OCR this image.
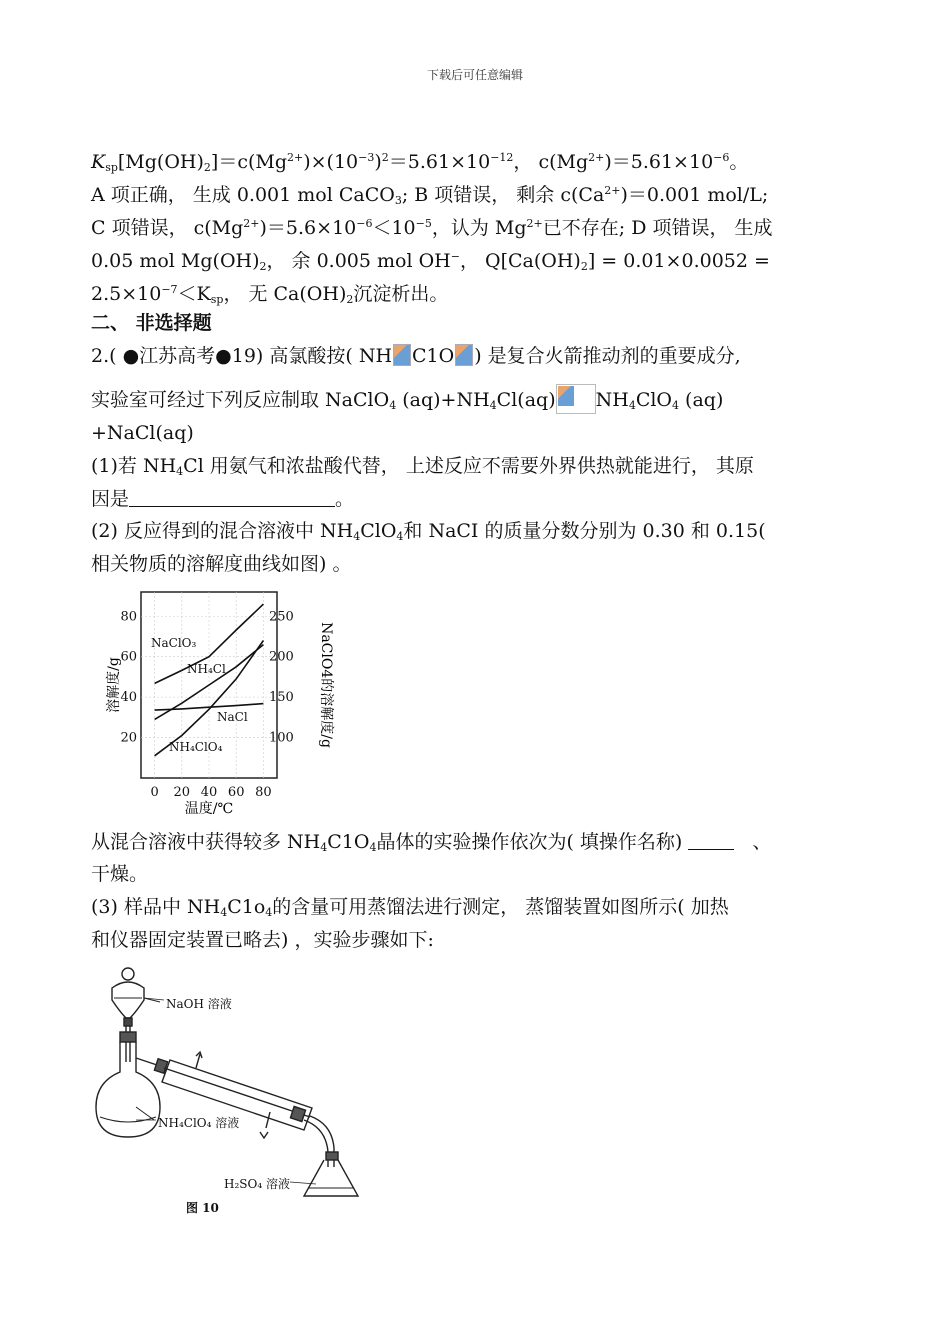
下载后可任意编辑
$K_{sp}[Mg(OH)_2]=c(Mg^{2+})\times(10^{-3})^2=5.61\times 10^{-12}$， $c(Mg^{2+})=5.61\times 10^{-6}$。
A 项正确， 生成 0.001 mol CaCO$_3$; B 项错误， 剩余 $c(Ca^{2+})=0.001$ mol/L;
C 项错误， $c(Mg^{2+})=5.6\times 10^{-6}<10^{-5}$，认为 $Mg^{2+}$已不存在; D 项错误， 生成
0.05 mol $Mg(OH)_2$， 余 0.005 mol OH−， $Q[Ca(OH)_2] = 0.01\times 0.0052$ =
$2.5\times 10^{-7}<K_{sp}$， 无 $Ca(OH)_2$沉淀析出。
二、 非选择题
2.( ●江苏高考●19) 高氯酸按( NH C1O ) 是复合火箭推动剂的重要成分,
实验室可经过下列反应制取 NaClO$_4$ $(aq)+NH_4Cl(aq)$ $NH_4ClO_4$ (aq)
+NaCl(aq)
(1)若 $NH_4Cl$ 用氨气和浓盐酸代替， 上述反应不需要外界供热就能进行， 其原
因是	。
(2) 反应得到的混合溶液中 $NH_4ClO_4$和 NaCI 的质量分数分别为 0.30 和 0.15(
相关物质的溶解度曲线如图) 。
NaClO₃
NH₄Cl
NaCl
NH₄ClO₄
0 20 40 60 80
20
40
60
80
100
150
200
250
温度/℃
溶解度/g	NaClO4的溶解度/g
从混合溶液中获得较多 $NH_4C1O_4$晶体的实验操作依次为( 填操作名称)	、
干燥。
(3) 样品中 $NH_4C1o_4$的含量可用蒸馏法进行测定， 蒸馏装置如图所示( 加热
和仪器固定装置已略去) ，实验步骤如下:
NaOH 溶液
NH₄ClO₄ 溶液
H₂SO₄ 溶液
图 10
